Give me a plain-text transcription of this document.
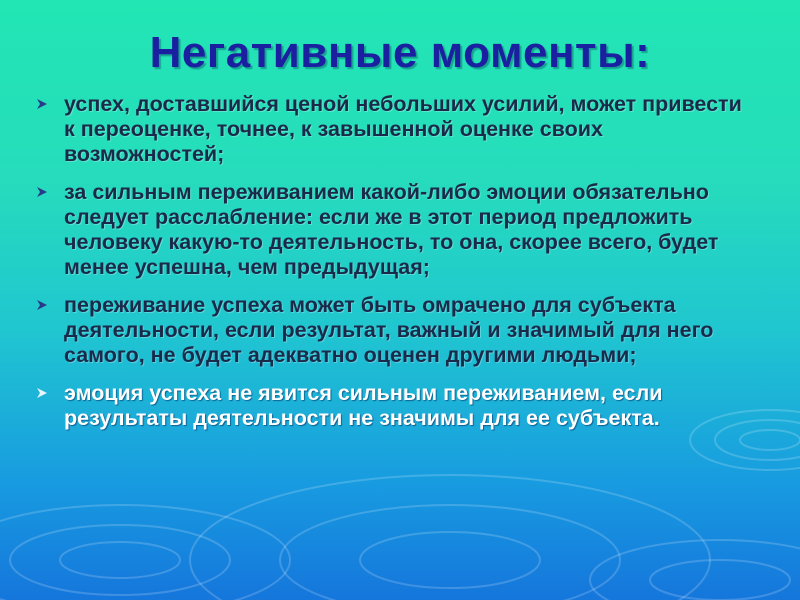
Негативные моменты:
успех, доставшийся ценой небольших усилий, может привести к переоценке, точнее, к завышенной оценке своих возможностей;
за сильным переживанием какой-либо эмоции обязательно следует расслабление: если же в этот период предложить человеку какую-то деятельность, то она, скорее всего, будет менее успешна, чем предыдущая;
переживание успеха может быть омрачено для субъекта деятельности, если результат, важный и значимый для него самого, не будет адекватно оценен другими людьми;
эмоция успеха не явится сильным переживанием, если результаты деятельности не значимы для ее субъекта.
